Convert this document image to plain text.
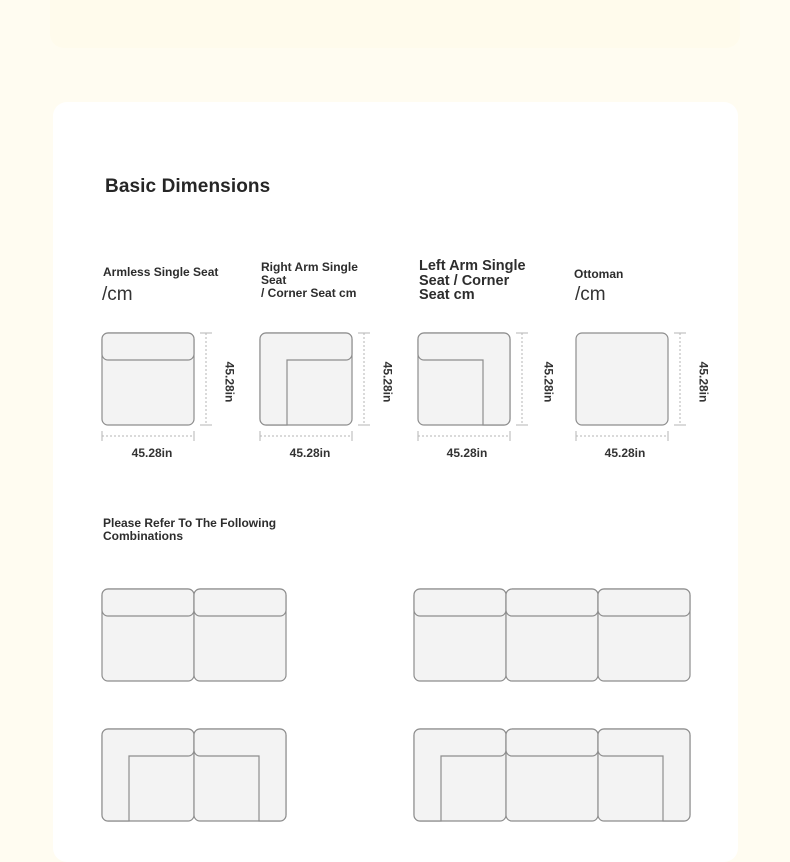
Basic Dimensions
Armless Single Seat
/cm
Right Arm Single Seat
/ Corner Seat cm
Left Arm Single Seat / Corner Seat cm
Ottoman
/cm
45.28in
45.28in
45.28in
45.28in
45.28in
45.28in
45.28in
45.28in
Please Refer To The Following Combinations
